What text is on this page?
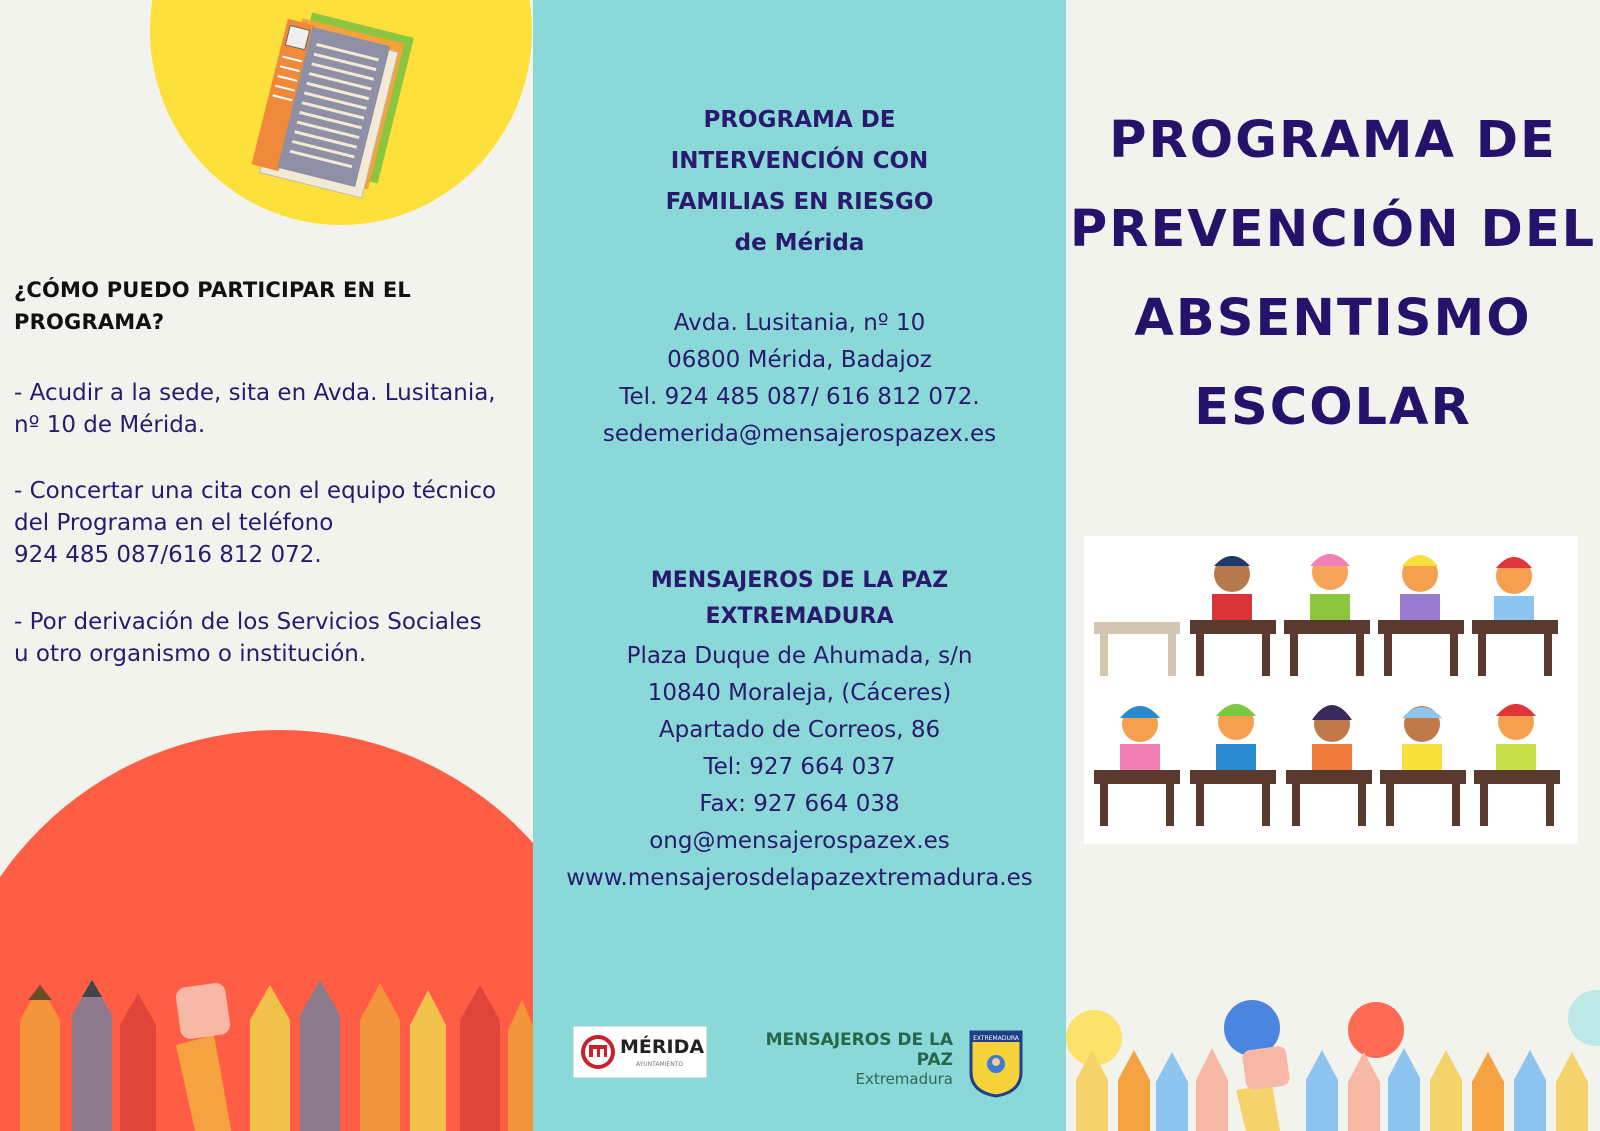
¿CÓMO PUEDO PARTICIPAR EN EL
PROGRAMA?
- Acudir a la sede, sita en Avda. Lusitania,
nº 10 de Mérida.
- Concertar una cita con el equipo técnico
del Programa en el teléfono
924 485 087/616 812 072.
- Por derivación de los Servicios Sociales
u otro organismo o institución.
PROGRAMA DE
INTERVENCIÓN CON
FAMILIAS EN RIESGO
de Mérida
Avda. Lusitania, nº 10
06800 Mérida, Badajoz
Tel. 924 485 087/ 616 812 072.
sedemerida@mensajerospazex.es
MENSAJEROS DE LA PAZ
EXTREMADURA
Plaza Duque de Ahumada, s/n
10840 Moraleja, (Cáceres)
Apartado de Correos, 86
Tel: 927 664 037
Fax: 927 664 038
ong@mensajerospazex.es
www.mensajerosdelapazextremadura.es
MÉRIDA
AYUNTAMIENTO
MENSAJEROS DE LA PAZ
Extremadura
EXTREMADURA
PROGRAMA DE
PREVENCIÓN DEL
ABSENTISMO
ESCOLAR
